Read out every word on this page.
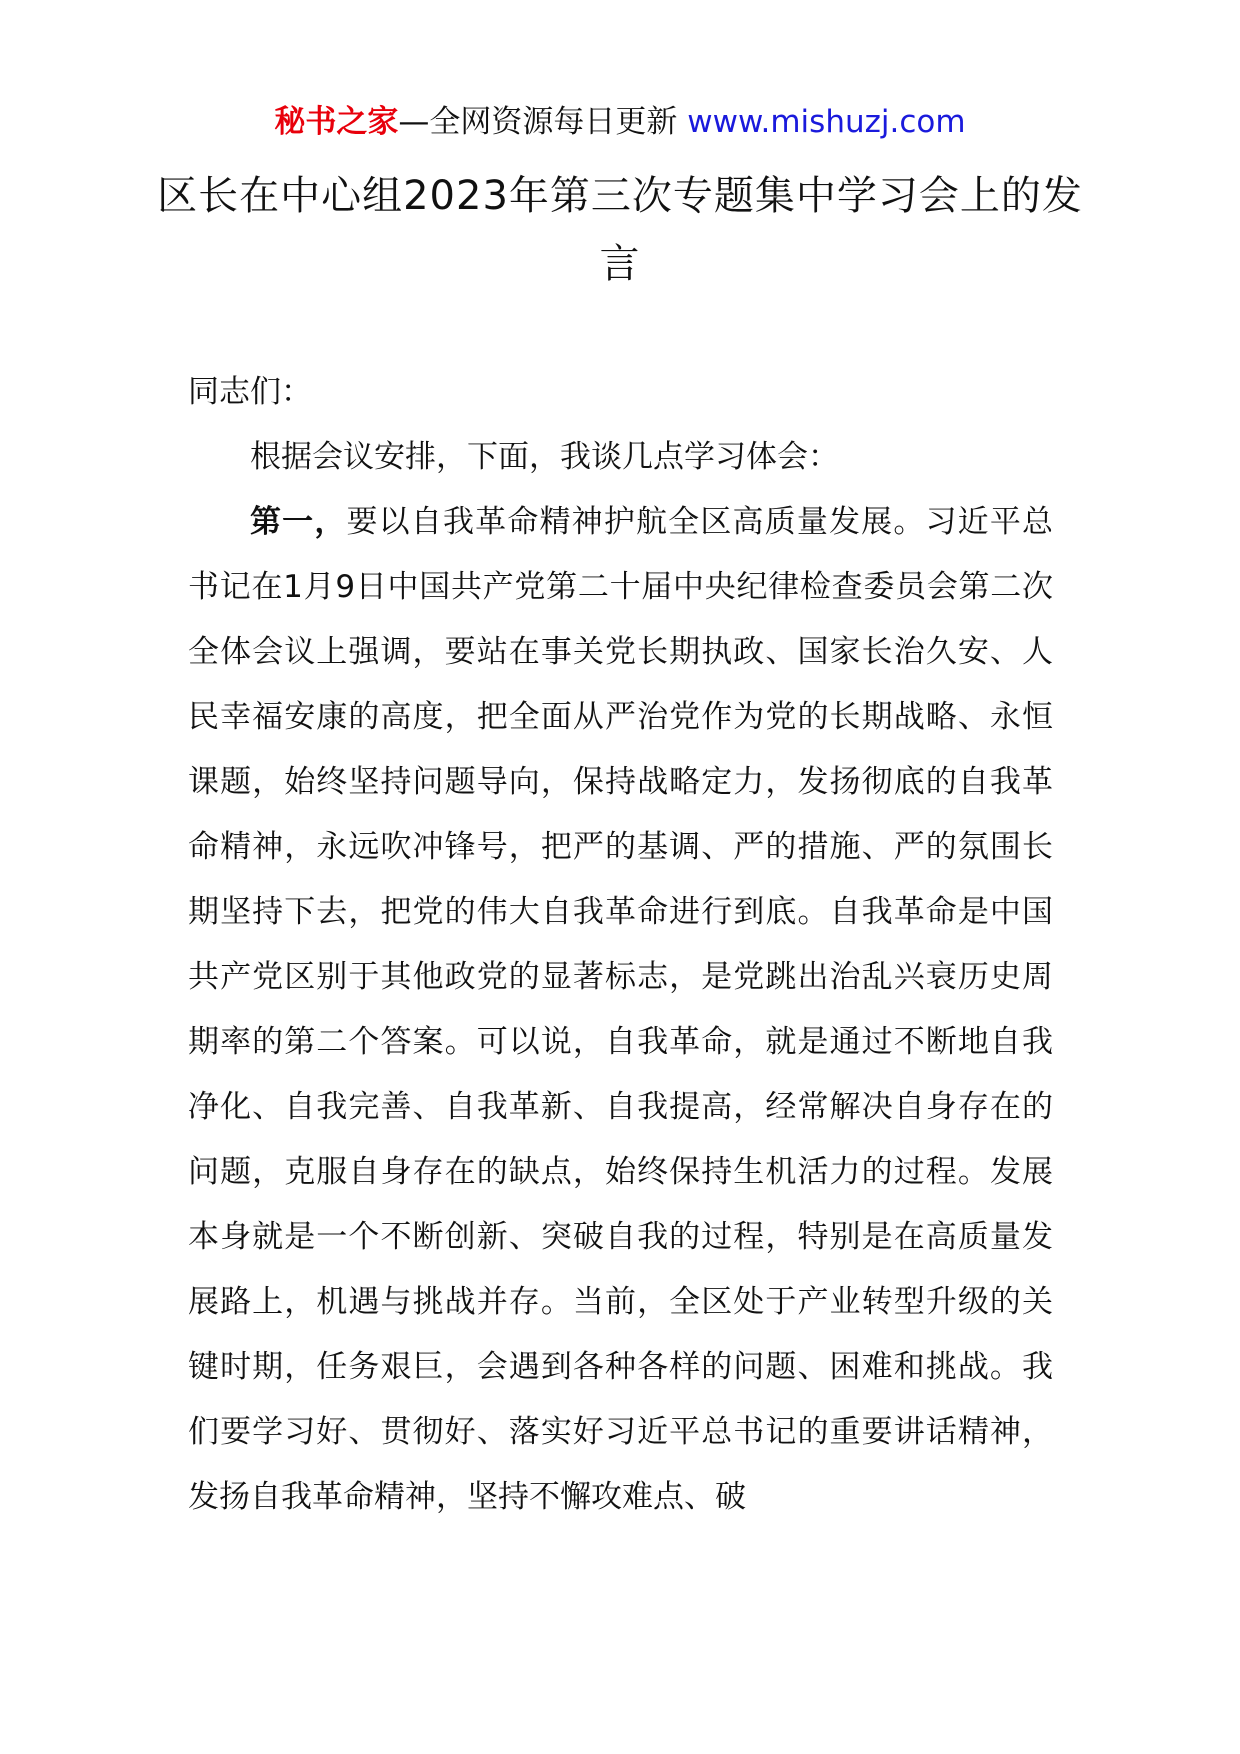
秘书之家—全网资源每日更新 www.mishuzj.com
区长在中心组2023年第三次专题集中学习会上的发言

同志们：

根据会议安排，下面，我谈几点学习体会：

第一，要以自我革命精神护航全区高质量发展。习近平总书记在1月9日中国共产党第二十届中央纪律检查委员会第二次全体会议上强调，要站在事关党长期执政、国家长治久安、人民幸福安康的高度，把全面从严治党作为党的长期战略、永恒课题，始终坚持问题导向，保持战略定力，发扬彻底的自我革命精神，永远吹冲锋号，把严的基调、严的措施、严的氛围长期坚持下去，把党的伟大自我革命进行到底。自我革命是中国共产党区别于其他政党的显著标志，是党跳出治乱兴衰历史周期率的第二个答案。可以说，自我革命，就是通过不断地自我净化、自我完善、自我革新、自我提高，经常解决自身存在的问题，克服自身存在的缺点，始终保持生机活力的过程。发展本身就是一个不断创新、突破自我的过程，特别是在高质量发展路上，机遇与挑战并存。当前，全区处于产业转型升级的关键时期，任务艰巨，会遇到各种各样的问题、困难和挑战。我们要学习好、贯彻好、落实好习近平总书记的重要讲话精神，发扬自我革命精神，坚持不懈攻难点、破
